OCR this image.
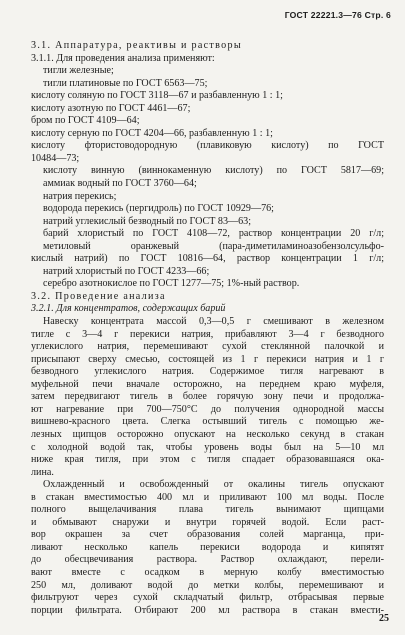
ГОСТ 22221.3—76 Стр. 6
3.1. Аппаратура, реактивы и растворы
3.1.1. Для проведения анализа применяют:
тигли железные;
тигли платиновые по ГОСТ 6563—75;
кислоту соляную по ГОСТ 3118—67 и разбавленную 1 : 1;
кислоту азотную по ГОСТ 4461—67;
бром по ГОСТ 4109—64;
кислоту серную по ГОСТ 4204—66, разбавленную 1 : 1;
кислоту фтористоводородную (плавиковую кислоту) по ГОСТ
10484—73;
кислоту винную (виннокаменную кислоту) по ГОСТ 5817—69;
аммиак водный по ГОСТ 3760—64;
натрия перекись;
водорода перекись (пергидроль) по ГОСТ 10929—76;
натрий углекислый безводный по ГОСТ 83—63;
барий хлористый по ГОСТ 4108—72, раствор концентрации 20 г/л;
метиловый оранжевый (пара-диметиламиноазобензолсульфо-
кислый натрий) по ГОСТ 10816—64, раствор концентрации 1 г/л;
натрий хлористый по ГОСТ 4233—66;
серебро азотнокислое по ГОСТ 1277—75; 1%-ный раствор.
3.2. Проведение анализа
3.2.1. Для концентратов, содержащих барий
Навеску концентрата массой 0,3—0,5 г смешивают в железном
тигле с 3—4 г перекиси натрия, прибавляют 3—4 г безводного
углекислого натрия, перемешивают сухой стеклянной палочкой и
присыпают сверху смесью, состоящей из 1 г перекиси натрия и 1 г
безводного углекислого натрия. Содержимое тигля нагревают в
муфельной печи вначале осторожно, на переднем краю муфеля,
затем передвигают тигель в более горячую зону печи и продолжа-
ют нагревание при 700—750°С до получения однородной массы
вишнево-красного цвета. Слегка остывший тигель с помощью же-
лезных щипцов осторожно опускают на несколько секунд в стакан
с холодной водой так, чтобы уровень воды был на 5—10 мл
ниже края тигля, при этом с тигля спадает образовавшаяся ока-
лина.
Охлажденный и освобожденный от окалины тигель опускают
в стакан вместимостью 400 мл и приливают 100 мл воды. После
полного выщелачивания плава тигель вынимают щипцами
и обмывают снаружи и внутри горячей водой. Если раст-
вор окрашен за счет образования солей марганца, при-
ливают несколько капель перекиси водорода и кипятят
до обесцвечивания раствора. Раствор охлаждают, перели-
вают вместе с осадком в мерную колбу вместимостью
250 мл, доливают водой до метки колбы, перемешивают и
фильтруют через сухой складчатый фильтр, отбрасывая первые
порции фильтрата. Отбирают 200 мл раствора в стакан вмести-
25
